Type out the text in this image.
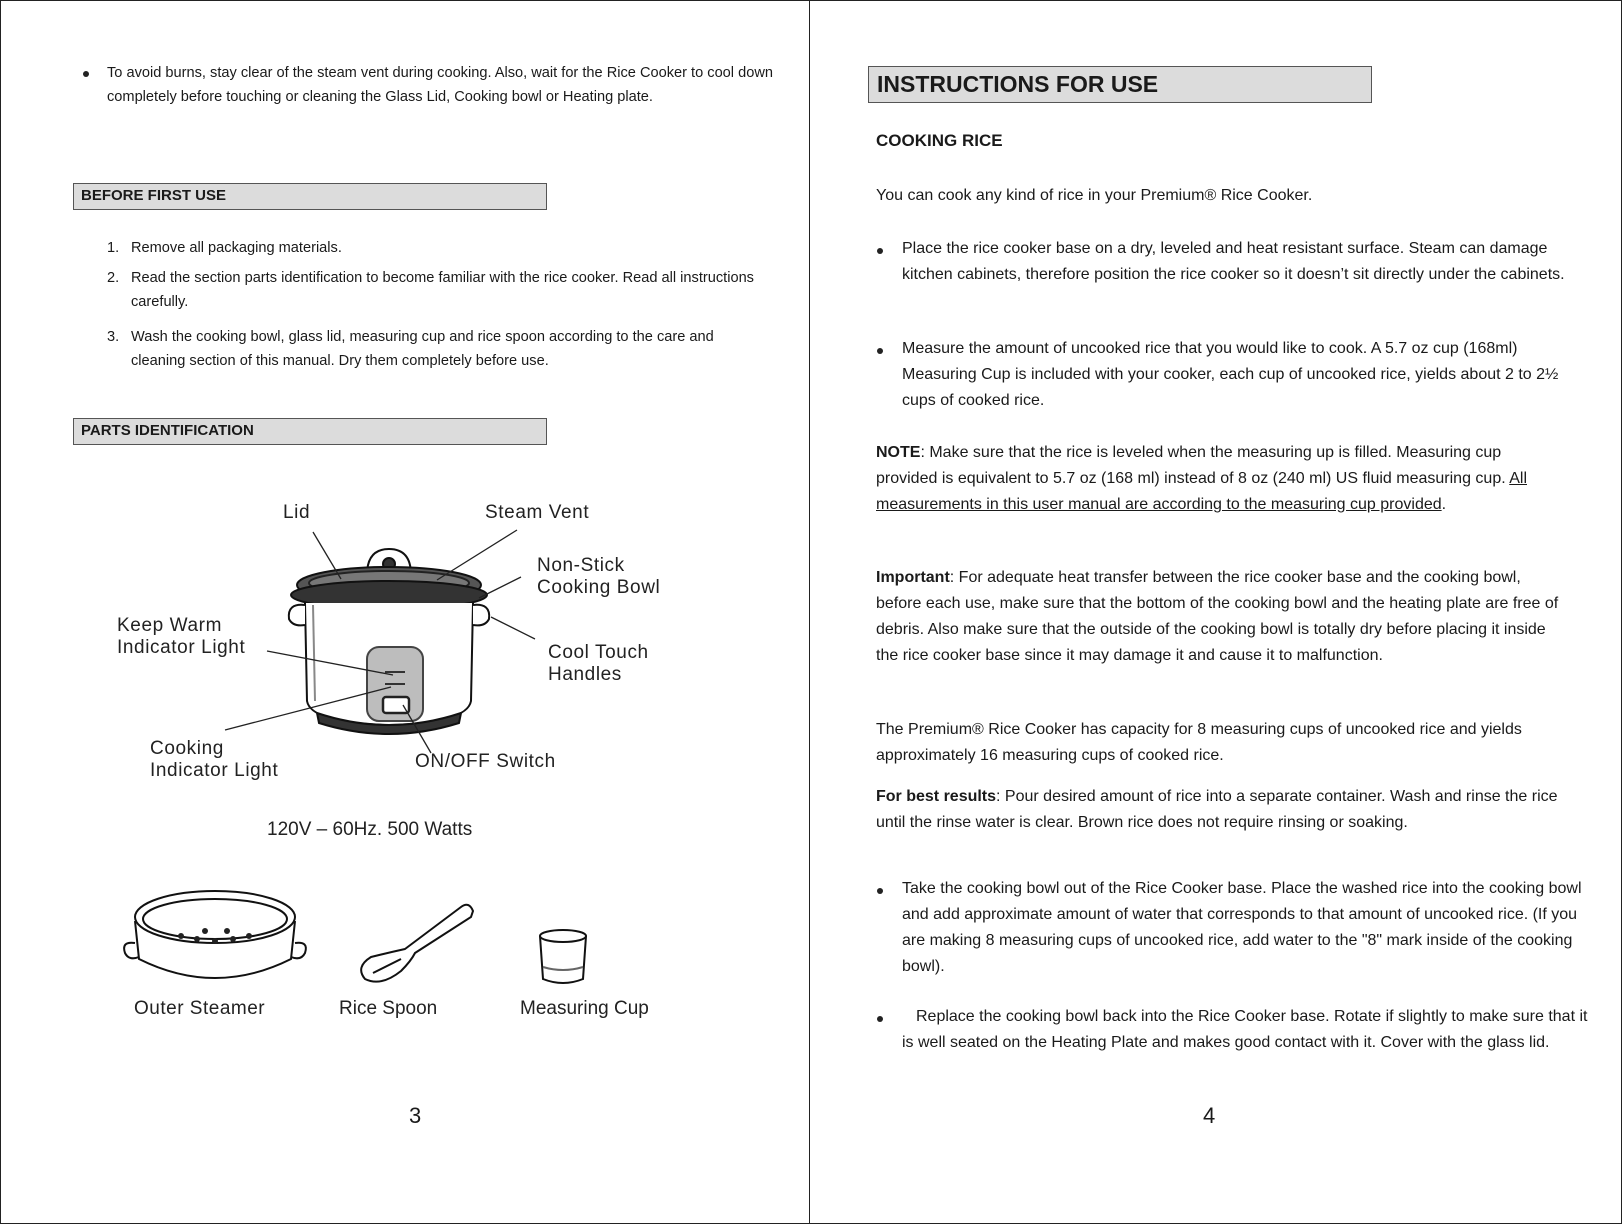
To avoid burns, stay clear of the steam vent during cooking. Also, wait for the Rice Cooker to cool down completely before touching or cleaning the Glass Lid, Cooking bowl or Heating plate.
BEFORE FIRST USE
1. Remove all packaging materials.
2. Read the section parts identification to become familiar with the rice cooker. Read all instructions carefully.
3. Wash the cooking bowl, glass lid, measuring cup and rice spoon according to the care and cleaning section of this manual. Dry them completely before use.
PARTS IDENTIFICATION
Lid	Steam Vent
Non-Stick
Cooking Bowl
Keep Warm
Indicator Light	Cool Touch
Handles
Cooking
Indicator Light	ON/OFF Switch
120V – 60Hz. 500 Watts
Outer Steamer	Rice Spoon	Measuring Cup
3
INSTRUCTIONS FOR USE
COOKING RICE
You can cook any kind of rice in your Premium® Rice Cooker.
Place the rice cooker base on a dry, leveled and heat resistant surface. Steam can damage kitchen cabinets, therefore position the rice cooker so it doesn’t sit directly under the cabinets.
Measure the amount of uncooked rice that you would like to cook. A 5.7 oz cup (168ml) Measuring Cup is included with your cooker, each cup of uncooked rice, yields about 2 to 2½ cups of cooked rice.
NOTE: Make sure that the rice is leveled when the measuring up is filled. Measuring cup provided is equivalent to 5.7 oz (168 ml) instead of 8 oz (240 ml) US fluid measuring cup. All measurements in this user manual are according to the measuring cup provided.
Important: For adequate heat transfer between the rice cooker base and the cooking bowl, before each use, make sure that the bottom of the cooking bowl and the heating plate are free of debris. Also make sure that the outside of the cooking bowl is totally dry before placing it inside the rice cooker base since it may damage it and cause it to malfunction.
The Premium® Rice Cooker has capacity for 8 measuring cups of uncooked rice and yields approximately 16 measuring cups of cooked rice.
For best results: Pour desired amount of rice into a separate container. Wash and rinse the rice until the rinse water is clear. Brown rice does not require rinsing or soaking.
Take the cooking bowl out of the Rice Cooker base. Place the washed rice into the cooking bowl and add approximate amount of water that corresponds to that amount of uncooked rice. (If you are making 8 measuring cups of uncooked rice, add water to the "8" mark inside of the cooking bowl).
Replace the cooking bowl back into the Rice Cooker base. Rotate if slightly to make sure that it is well seated on the Heating Plate and makes good contact with it. Cover with the glass lid.
4
